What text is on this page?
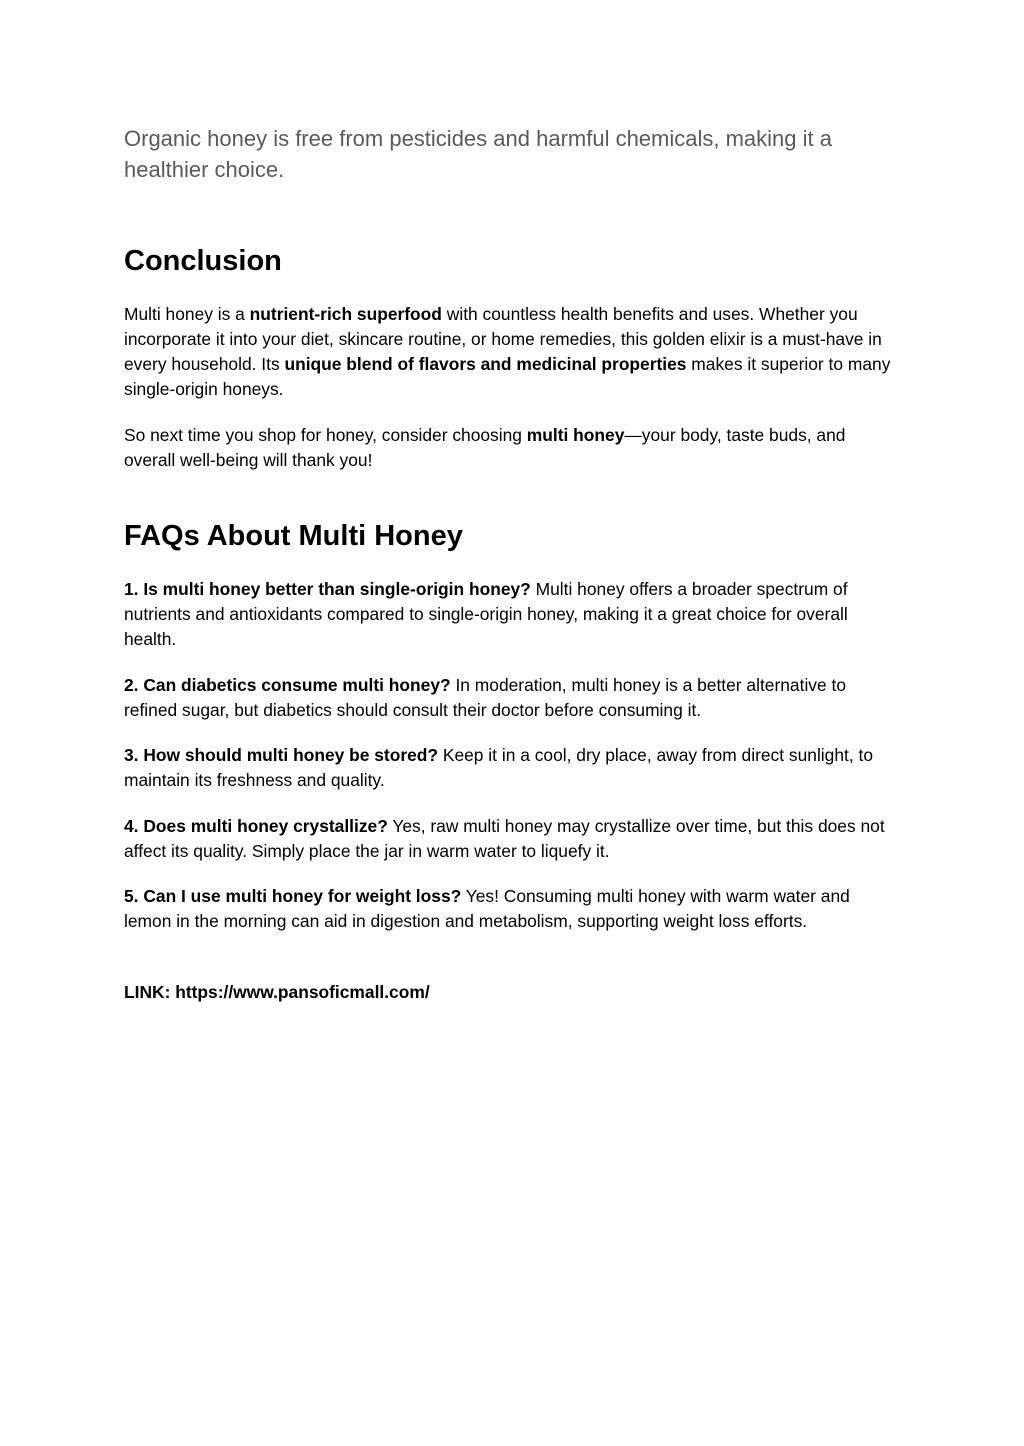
Organic honey is free from pesticides and harmful chemicals, making it a healthier choice.

Conclusion

Multi honey is a nutrient-rich superfood with countless health benefits and uses. Whether you incorporate it into your diet, skincare routine, or home remedies, this golden elixir is a must-have in every household. Its unique blend of flavors and medicinal properties makes it superior to many single-origin honeys.

So next time you shop for honey, consider choosing multi honey—your body, taste buds, and overall well-being will thank you!

FAQs About Multi Honey

1. Is multi honey better than single-origin honey? Multi honey offers a broader spectrum of nutrients and antioxidants compared to single-origin honey, making it a great choice for overall health.

2. Can diabetics consume multi honey? In moderation, multi honey is a better alternative to refined sugar, but diabetics should consult their doctor before consuming it.

3. How should multi honey be stored? Keep it in a cool, dry place, away from direct sunlight, to maintain its freshness and quality.

4. Does multi honey crystallize? Yes, raw multi honey may crystallize over time, but this does not affect its quality. Simply place the jar in warm water to liquefy it.

5. Can I use multi honey for weight loss? Yes! Consuming multi honey with warm water and lemon in the morning can aid in digestion and metabolism, supporting weight loss efforts.

LINK: https://www.pansoficmall.com/
